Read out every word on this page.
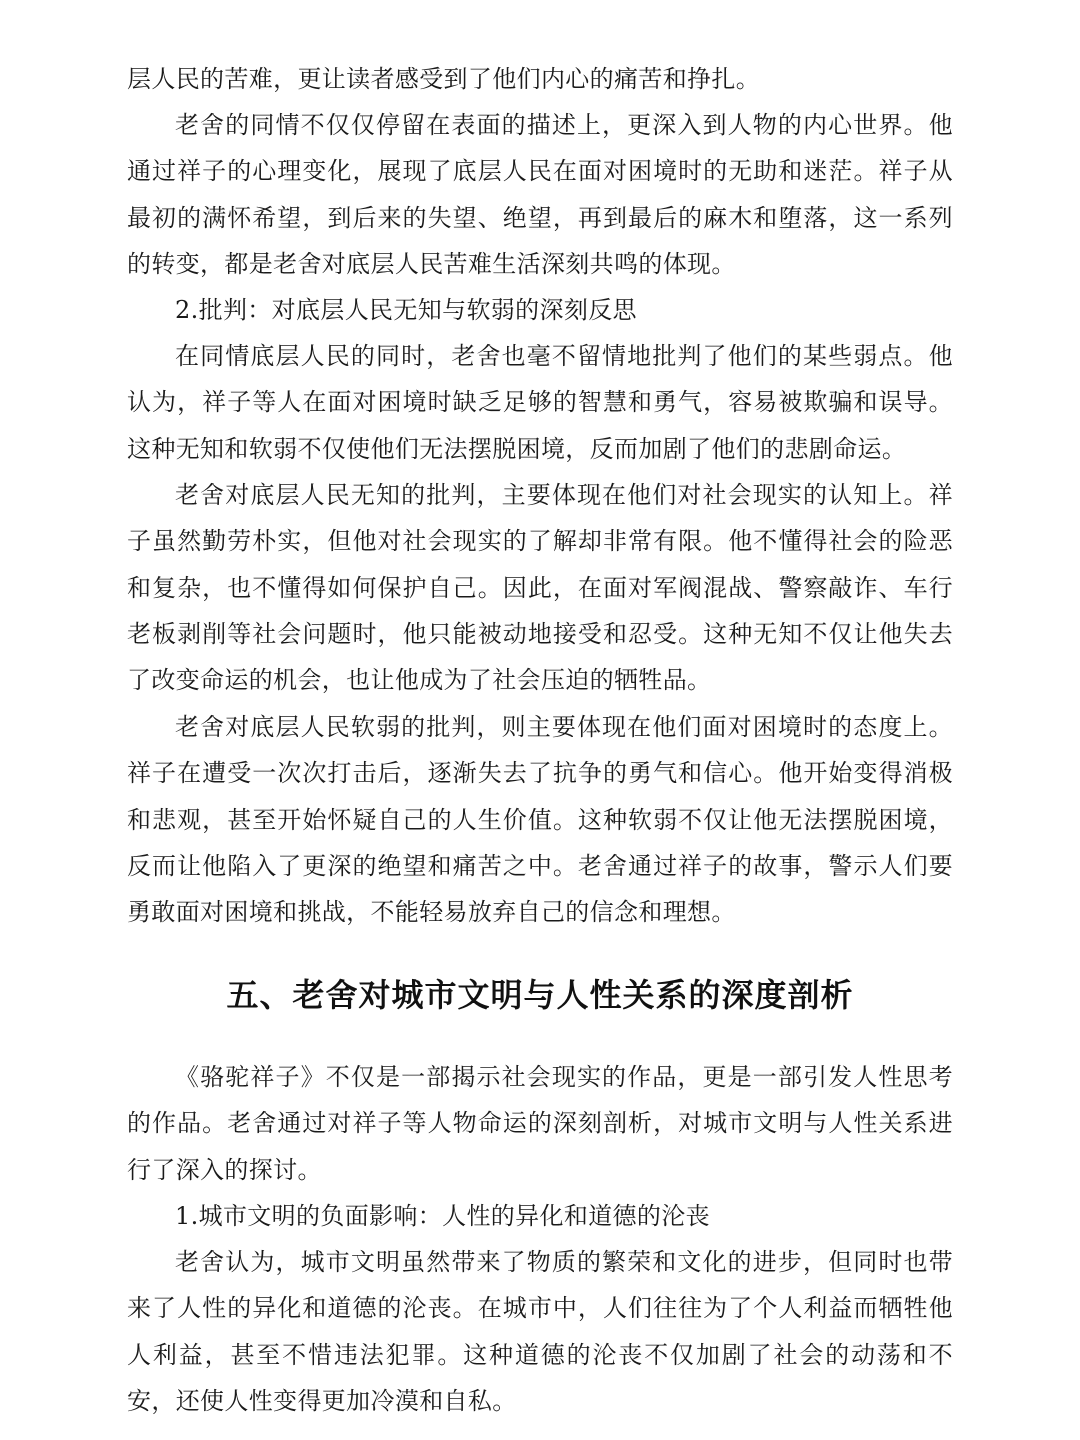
层人民的苦难，更让读者感受到了他们内心的痛苦和挣扎。

老舍的同情不仅仅停留在表面的描述上，更深入到人物的内心世界。他通过祥子的心理变化，展现了底层人民在面对困境时的无助和迷茫。祥子从最初的满怀希望，到后来的失望、绝望，再到最后的麻木和堕落，这一系列的转变，都是老舍对底层人民苦难生活深刻共鸣的体现。

2.批判：对底层人民无知与软弱的深刻反思

在同情底层人民的同时，老舍也毫不留情地批判了他们的某些弱点。他认为，祥子等人在面对困境时缺乏足够的智慧和勇气，容易被欺骗和误导。这种无知和软弱不仅使他们无法摆脱困境，反而加剧了他们的悲剧命运。

老舍对底层人民无知的批判，主要体现在他们对社会现实的认知上。祥子虽然勤劳朴实，但他对社会现实的了解却非常有限。他不懂得社会的险恶和复杂，也不懂得如何保护自己。因此，在面对军阀混战、警察敲诈、车行老板剥削等社会问题时，他只能被动地接受和忍受。这种无知不仅让他失去了改变命运的机会，也让他成为了社会压迫的牺牲品。

老舍对底层人民软弱的批判，则主要体现在他们面对困境时的态度上。祥子在遭受一次次打击后，逐渐失去了抗争的勇气和信心。他开始变得消极和悲观，甚至开始怀疑自己的人生价值。这种软弱不仅让他无法摆脱困境，反而让他陷入了更深的绝望和痛苦之中。老舍通过祥子的故事，警示人们要勇敢面对困境和挑战，不能轻易放弃自己的信念和理想。

五、老舍对城市文明与人性关系的深度剖析

《骆驼祥子》不仅是一部揭示社会现实的作品，更是一部引发人性思考的作品。老舍通过对祥子等人物命运的深刻剖析，对城市文明与人性关系进行了深入的探讨。

1.城市文明的负面影响：人性的异化和道德的沦丧

老舍认为，城市文明虽然带来了物质的繁荣和文化的进步，但同时也带来了人性的异化和道德的沦丧。在城市中，人们往往为了个人利益而牺牲他人利益，甚至不惜违法犯罪。这种道德的沦丧不仅加剧了社会的动荡和不安，还使人性变得更加冷漠和自私。
